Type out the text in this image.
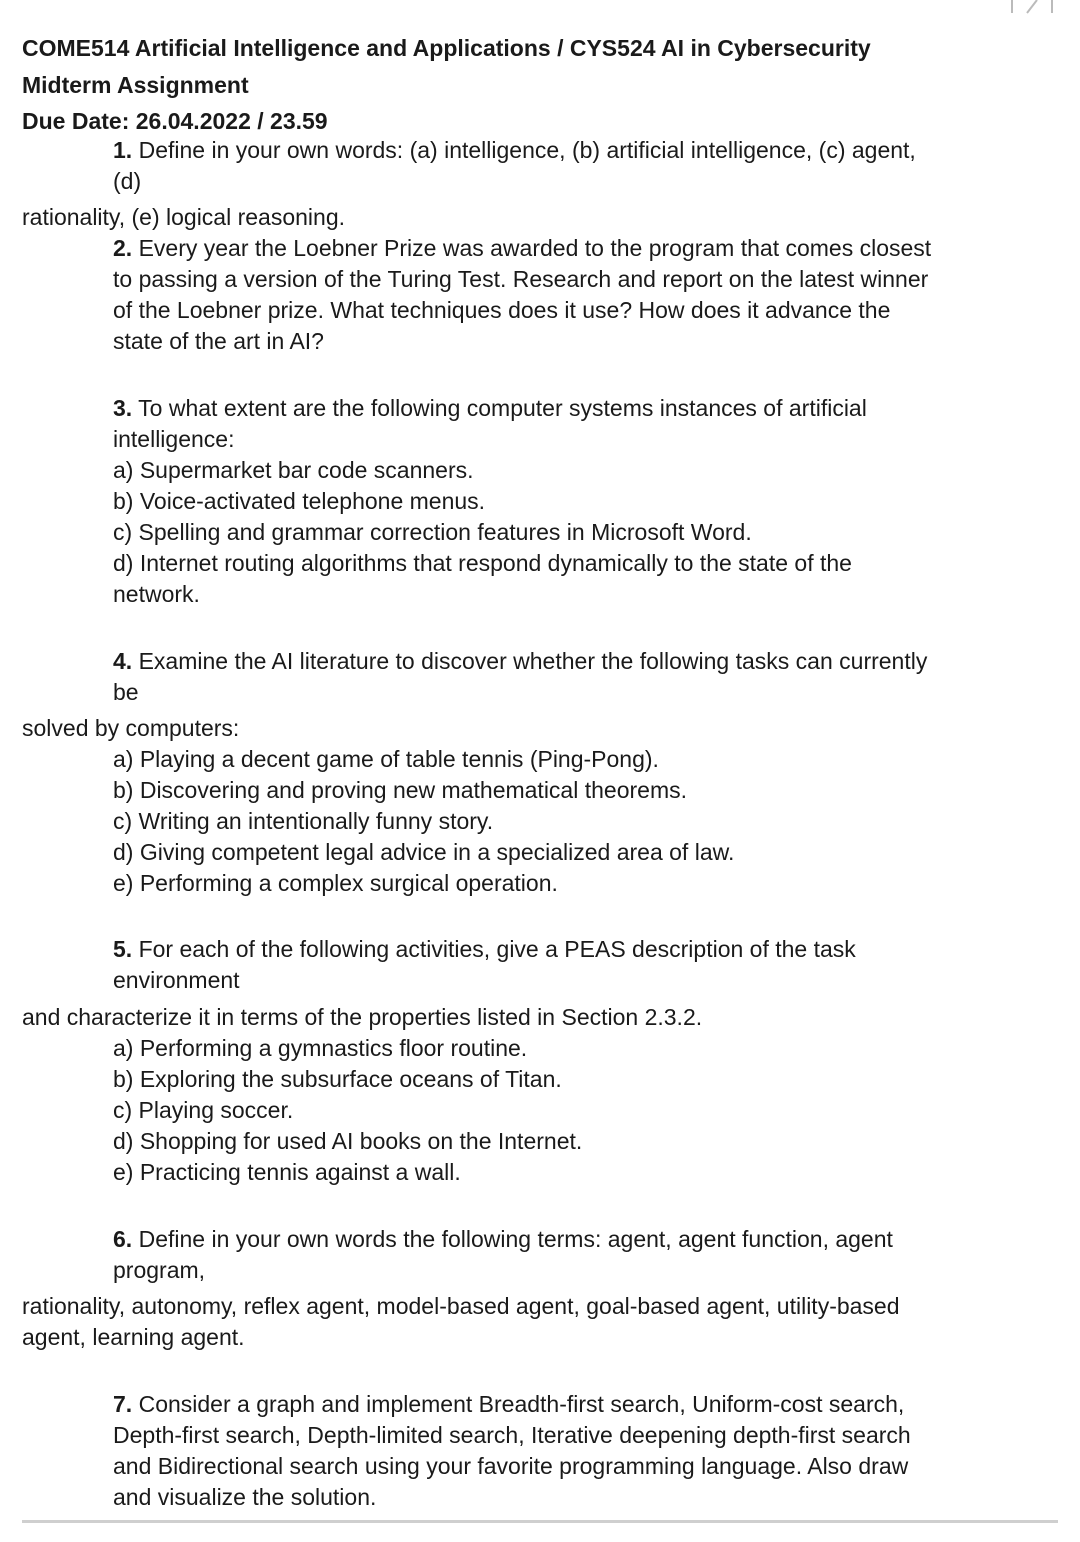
COME514 Artificial Intelligence and Applications / CYS524 AI in Cybersecurity
Midterm Assignment
Due Date: 26.04.2022 / 23.59
1. Define in your own words: (a) intelligence, (b) artificial intelligence, (c) agent,
(d)
rationality, (e) logical reasoning.
2. Every year the Loebner Prize was awarded to the program that comes closest
to passing a version of the Turing Test. Research and report on the latest winner
of the Loebner prize. What techniques does it use? How does it advance the
state of the art in AI?
3. To what extent are the following computer systems instances of artificial
intelligence:
a) Supermarket bar code scanners.
b) Voice-activated telephone menus.
c) Spelling and grammar correction features in Microsoft Word.
d) Internet routing algorithms that respond dynamically to the state of the
network.
4. Examine the AI literature to discover whether the following tasks can currently
be
solved by computers:
a) Playing a decent game of table tennis (Ping-Pong).
b) Discovering and proving new mathematical theorems.
c) Writing an intentionally funny story.
d) Giving competent legal advice in a specialized area of law.
e) Performing a complex surgical operation.
5. For each of the following activities, give a PEAS description of the task
environment
and characterize it in terms of the properties listed in Section 2.3.2.
a) Performing a gymnastics floor routine.
b) Exploring the subsurface oceans of Titan.
c) Playing soccer.
d) Shopping for used AI books on the Internet.
e) Practicing tennis against a wall.
6. Define in your own words the following terms: agent, agent function, agent
program,
rationality, autonomy, reflex agent, model-based agent, goal-based agent, utility-based
agent, learning agent.
7. Consider a graph and implement Breadth-first search, Uniform-cost search,
Depth-first search, Depth-limited search, Iterative deepening depth-first search
and Bidirectional search using your favorite programming language. Also draw
and visualize the solution.
